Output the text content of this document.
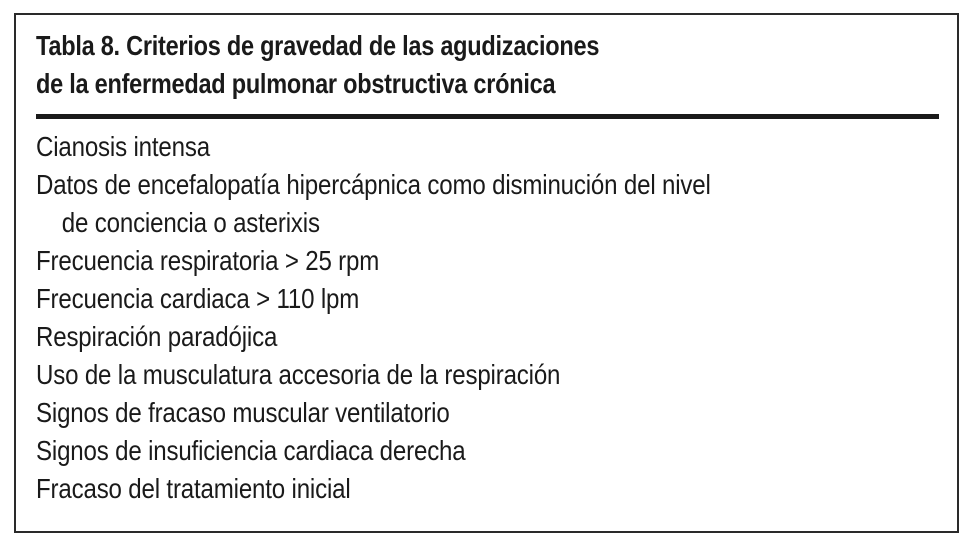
Tabla 8. Criterios de gravedad de las agudizaciones
de la enfermedad pulmonar obstructiva crónica
Cianosis intensa
Datos de encefalopatía hipercápnica como disminución del nivel
de conciencia o asterixis
Frecuencia respiratoria > 25 rpm
Frecuencia cardiaca > 110 lpm
Respiración paradójica
Uso de la musculatura accesoria de la respiración
Signos de fracaso muscular ventilatorio
Signos de insuficiencia cardiaca derecha
Fracaso del tratamiento inicial
